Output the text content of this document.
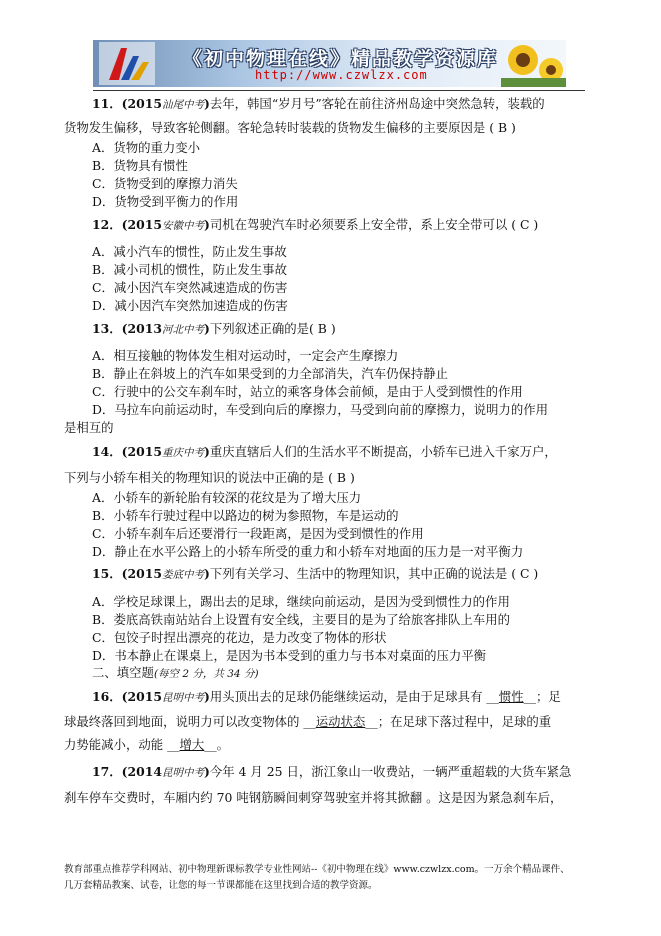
《初中物理在线》精品教学资源库
http://www.czwlzx.com
11．(2015汕尾中考)去年，韩国“岁月号”客轮在前往济州岛途中突然急转，装载的
货物发生偏移，导致客轮侧翻。客轮急转时装载的货物发生偏移的主要原因是 ( B )
A．货物的重力变小
B．货物具有惯性
C．货物受到的摩擦力消失
D．货物受到平衡力的作用
12．(2015安徽中考)司机在驾驶汽车时必须要系上安全带，系上安全带可以 ( C )
A．减小汽车的惯性，防止发生事故
B．减小司机的惯性，防止发生事故
C．减小因汽车突然减速造成的伤害
D．减小因汽车突然加速造成的伤害
13．(2013河北中考)下列叙述正确的是( B )
A．相互接触的物体发生相对运动时，一定会产生摩擦力
B．静止在斜坡上的汽车如果受到的力全部消失，汽车仍保持静止
C．行驶中的公交车刹车时，站立的乘客身体会前倾，是由于人受到惯性的作用
D．马拉车向前运动时，车受到向后的摩擦力，马受到向前的摩擦力，说明力的作用
是相互的
14．(2015重庆中考)重庆直辖后人们的生活水平不断提高，小轿车已进入千家万户，
下列与小轿车相关的物理知识的说法中正确的是 ( B )
A．小轿车的新轮胎有较深的花纹是为了增大压力
B．小轿车行驶过程中以路边的树为参照物，车是运动的
C．小轿车刹车后还要滑行一段距离，是因为受到惯性的作用
D．静止在水平公路上的小轿车所受的重力和小轿车对地面的压力是一对平衡力
15．(2015娄底中考)下列有关学习、生活中的物理知识，其中正确的说法是 ( C )
A．学校足球课上，踢出去的足球，继续向前运动，是因为受到惯性力的作用
B．娄底高铁南站站台上设置有安全线，主要目的是为了给旅客排队上车用的
C．包饺子时捏出漂亮的花边，是力改变了物体的形状
D．书本静止在课桌上，是因为书本受到的重力与书本对桌面的压力平衡
二、填空题(每空 2 分，共 34 分)
16．(2015昆明中考)用头顶出去的足球仍能继续运动，是由于足球具有 __惯性__；足
球最终落回到地面，说明力可以改变物体的 __运动状态__；在足球下落过程中，足球的重
力势能减小，动能 __增大__。
17．(2014昆明中考)今年 4 月 25 日，浙江象山一收费站，一辆严重超载的大货车紧急
刹车停车交费时，车厢内约 70 吨钢筋瞬间刺穿驾驶室并将其掀翻 。这是因为紧急刹车后，
教育部重点推荐学科网站、初中物理新课标教学专业性网站--《初中物理在线》www.czwlzx.com。一万余个精品课件、
几万套精品教案、试卷，让您的每一节课都能在这里找到合适的教学资源。
